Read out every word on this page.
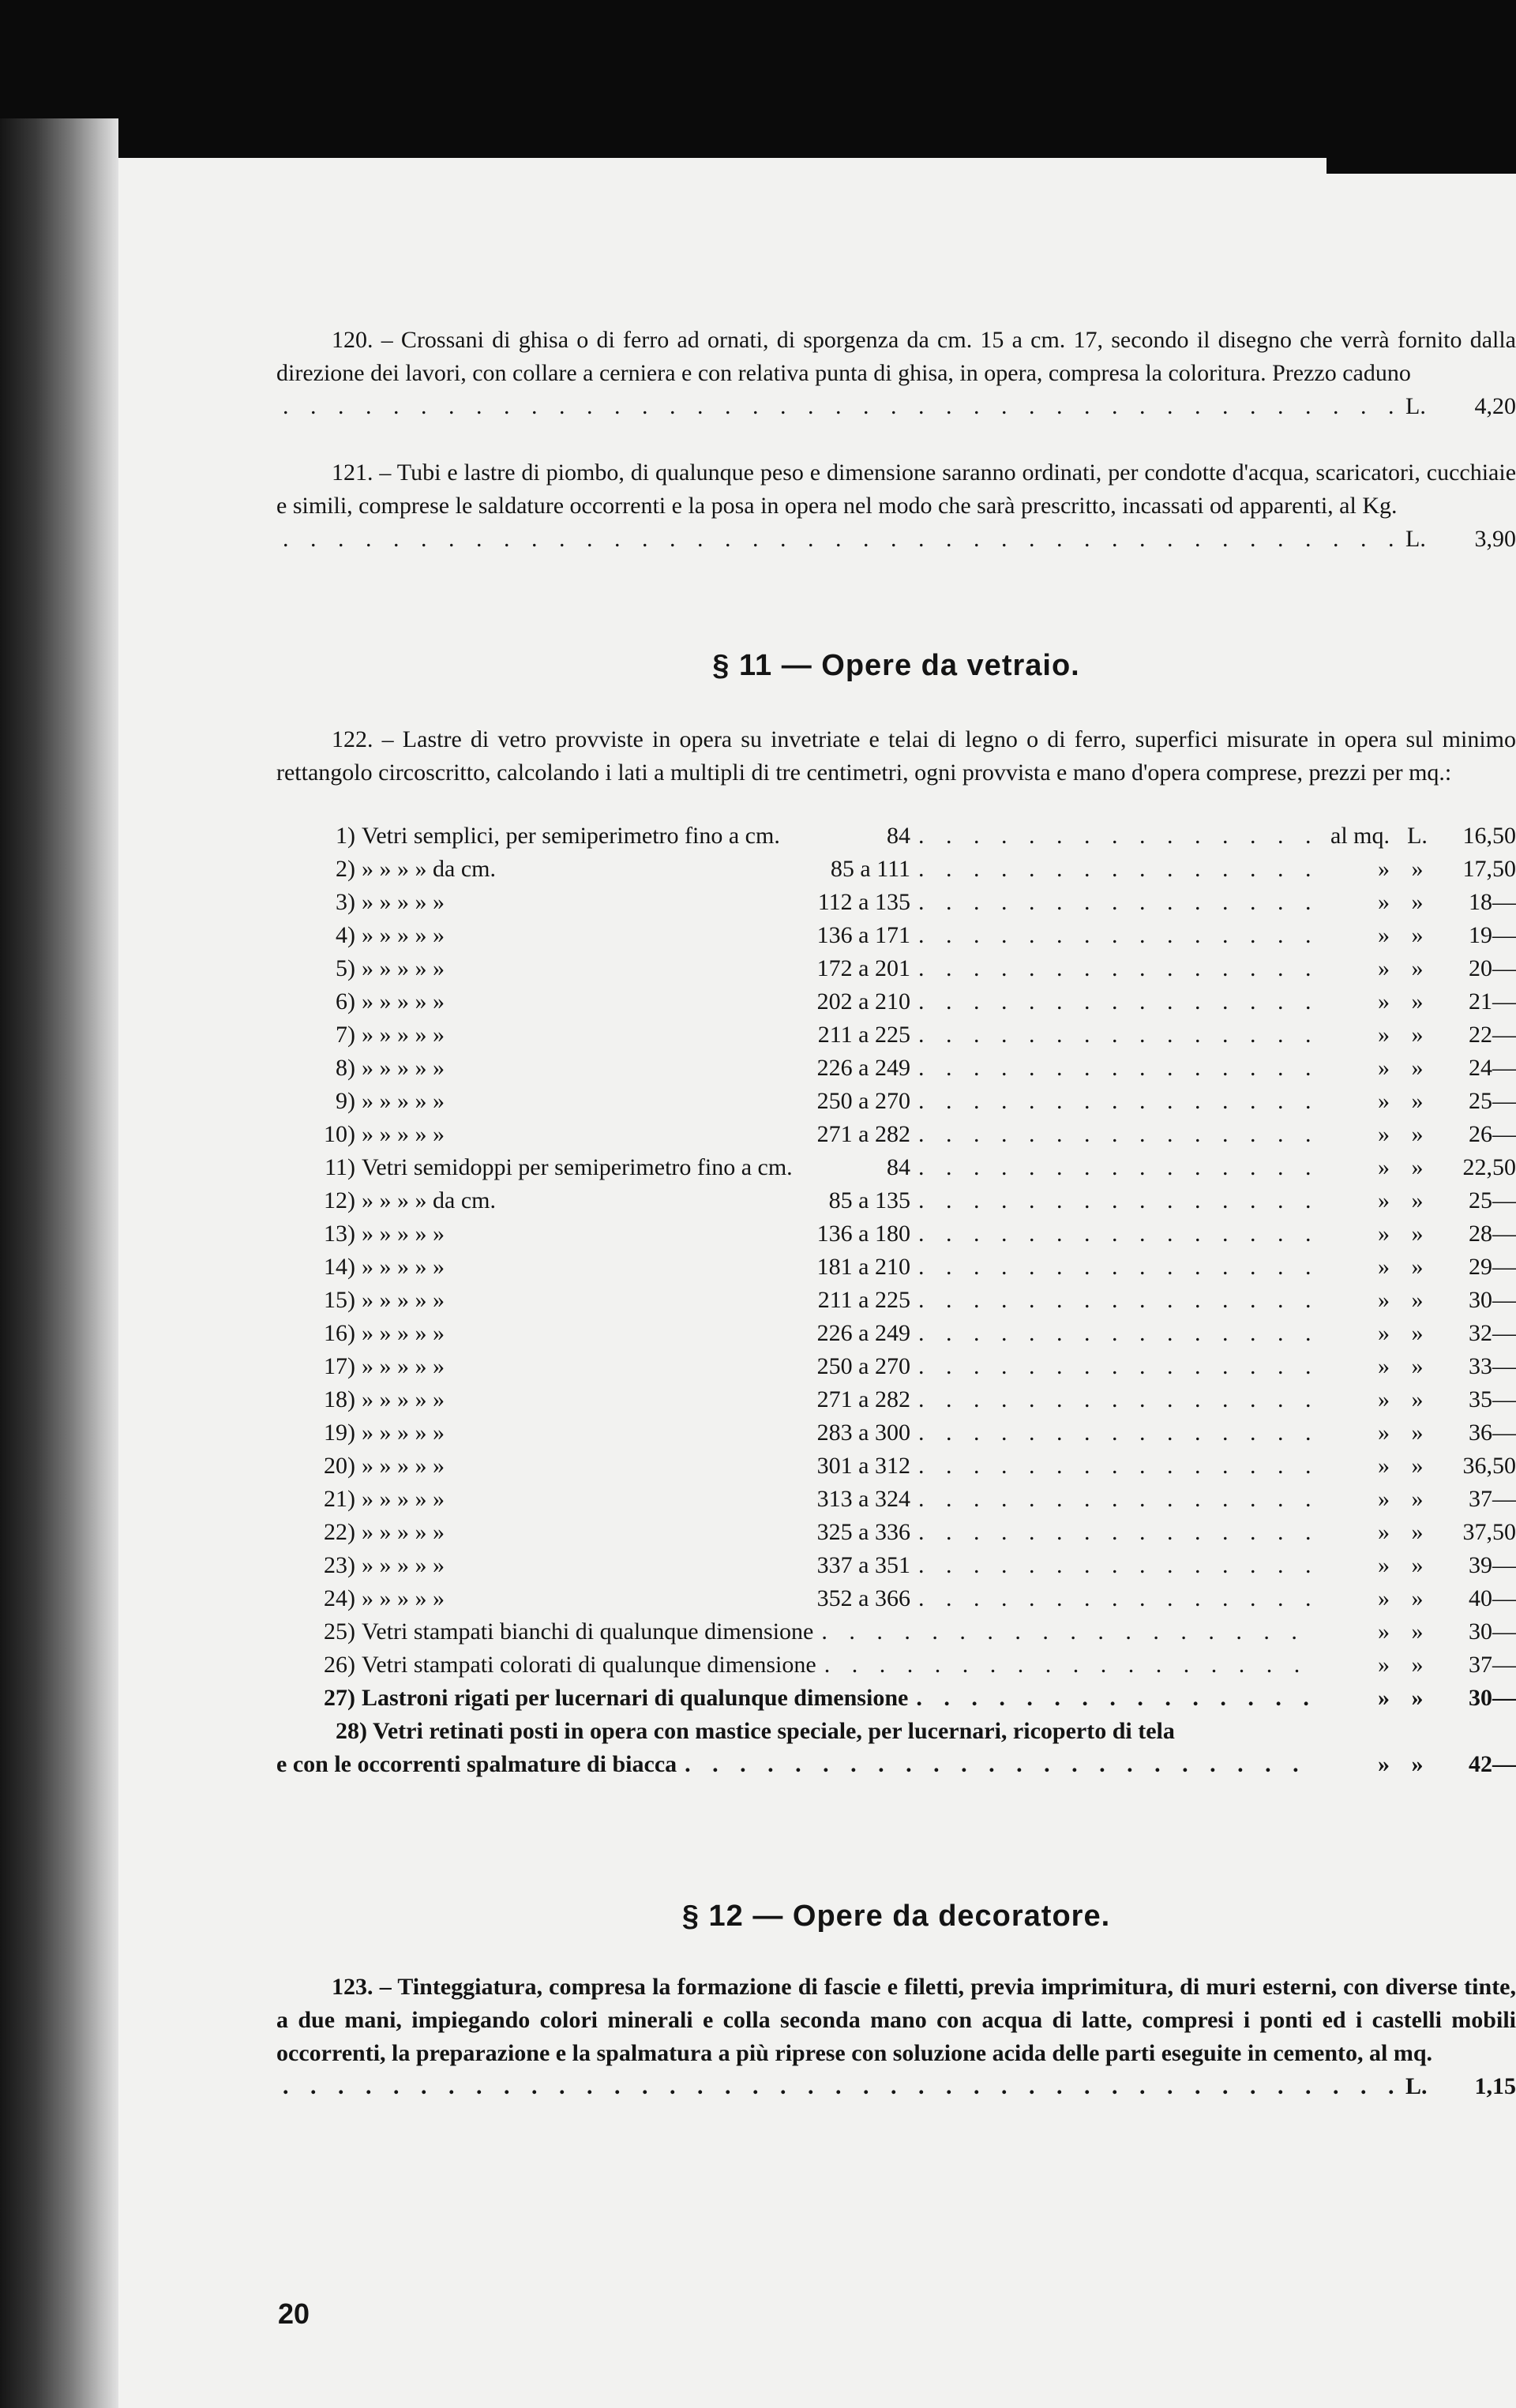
120. – Crossani di ghisa o di ferro ad ornati, di sporgenza da cm. 15 a cm. 17, secondo il disegno che verrà fornito dalla direzione dei lavori, con collare a cerniera e con relativa punta di ghisa, in opera, compresa la coloritura. Prezzo caduno
. . .
L. 4,20
121. – Tubi e lastre di piombo, di qualunque peso e dimensione saranno ordinati, per condotte d'acqua, scaricatori, cucchiaie e simili, comprese le saldature occorrenti e la posa in opera nel modo che sarà prescritto, incassati od apparenti, al Kg.
. . .
L. 3,90
§ 11 — Opere da vetraio.
122. – Lastre di vetro provviste in opera su invetriate e telai di legno o di ferro, superfici misurate in opera sul minimo rettangolo circoscritto, calcolando i lati a multipli di tre centimetri, ogni provvista e mano d'opera comprese, prezzi per mq.:
1) Vetri semplici, per semiperimetro fino a cm.	84 . . .	al mq. L.	16,50
2) » » » » da cm.	85 a 111 . . .	» »	17,50
3) » » » » »	112 a 135 . . .	» »	18—
4) » » » » »	136 a 171 . . .	» »	19—
5) » » » » »	172 a 201 . . .	» »	20—
6) » » » » »	202 a 210 . . .	» »	21—
7) » » » » »	211 a 225 . . .	» »	22—
8) » » » » »	226 a 249 . . .	» »	24—
9) » » » » »	250 a 270 . . .	» »	25—
10) » » » » »	271 a 282 . . .	» »	26—
11) Vetri semidoppi per semiperimetro fino a cm.	84 . . .	» »	22,50
12) » » » » da cm.	85 a 135 . . .	» »	25—
13) » » » » »	136 a 180 . . .	» »	28—
14) » » » » »	181 a 210 . . .	» »	29—
15) » » » » »	211 a 225 . . .	» »	30—
16) » » » » »	226 a 249 . . .	» »	32—
17) » » » » »	250 a 270 . . .	» »	33—
18) » » » » »	271 a 282 . . .	» »	35—
19) » » » » »	283 a 300 . . .	» »	36—
20) » » » » »	301 a 312 . . .	» »	36,50
21) » » » » »	313 a 324 . . .	» »	37—
22) » » » » »	325 a 336 . . .	» »	37,50
23) » » » » »	337 a 351 . . .	» »	39—
24) » » » » »	352 a 366 . . .	» »	40—
25) Vetri stampati bianchi di qualunque dimensione . . .	» »	30—
26) Vetri stampati colorati di qualunque dimensione . . .	» »	37—
27) Lastroni rigati per lucernari di qualunque dimensione . . .	» »	30—
28) Vetri retinati posti in opera con mastice speciale, per lucernari, ricoperto di tela
e con le occorrenti spalmature di biacca . . .	» »	42—
§ 12 — Opere da decoratore.
123. – Tinteggiatura, compresa la formazione di fascie e filetti, previa imprimitura, di muri esterni, con diverse tinte, a due mani, impiegando colori minerali e colla seconda mano con acqua di latte, compresi i ponti ed i castelli mobili occorrenti, la preparazione e la spalmatura a più riprese con soluzione acida delle parti eseguite in cemento, al mq.
. . .
L. 1,15
20
